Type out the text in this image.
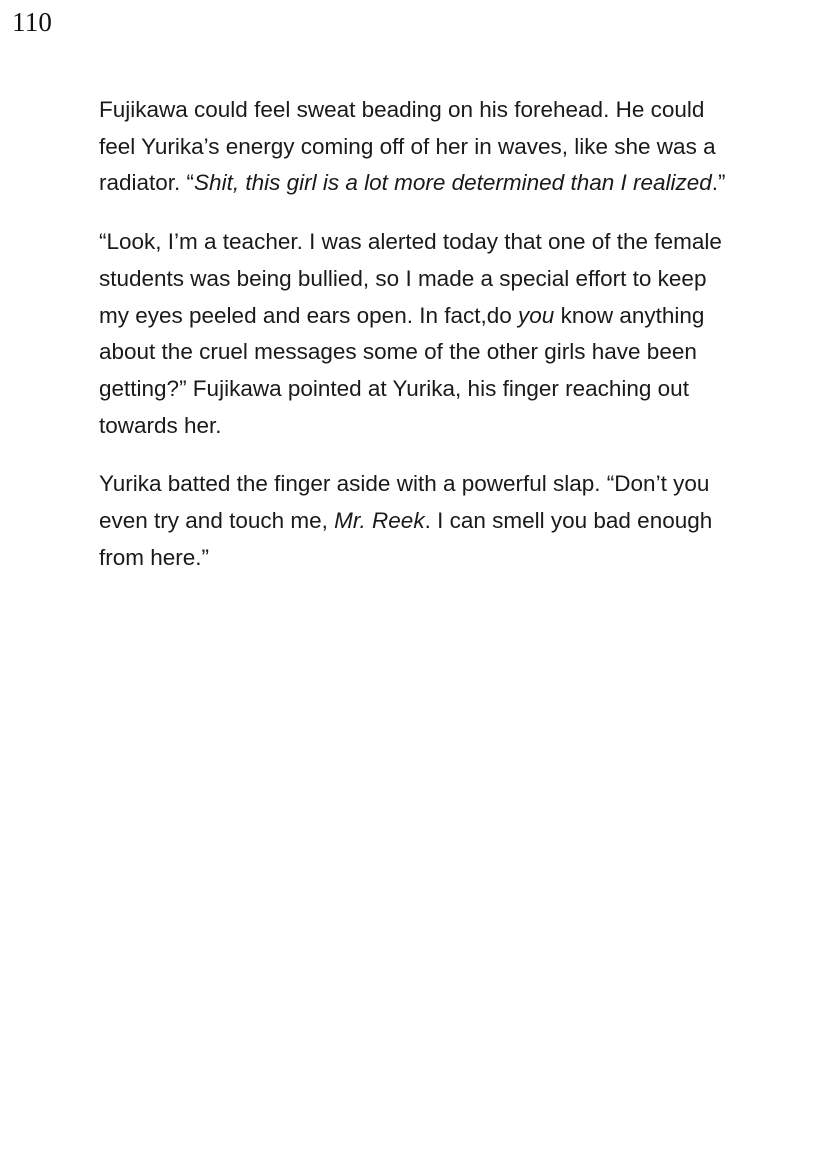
110

Fujikawa could feel sweat beading on his forehead. He could feel Yurika’s energy coming off of her in waves, like she was a radiator. “Shit, this girl is a lot more determined than I realized.”

“Look, I’m a teacher. I was alerted today that one of the female students was being bullied, so I made a special effort to keep my eyes peeled and ears open. In fact,do you know anything about the cruel messages some of the other girls have been getting?” Fujikawa pointed at Yurika, his finger reaching out towards her.

Yurika batted the finger aside with a powerful slap. “Don’t you even try and touch me, Mr. Reek. I can smell you bad enough from here.”
